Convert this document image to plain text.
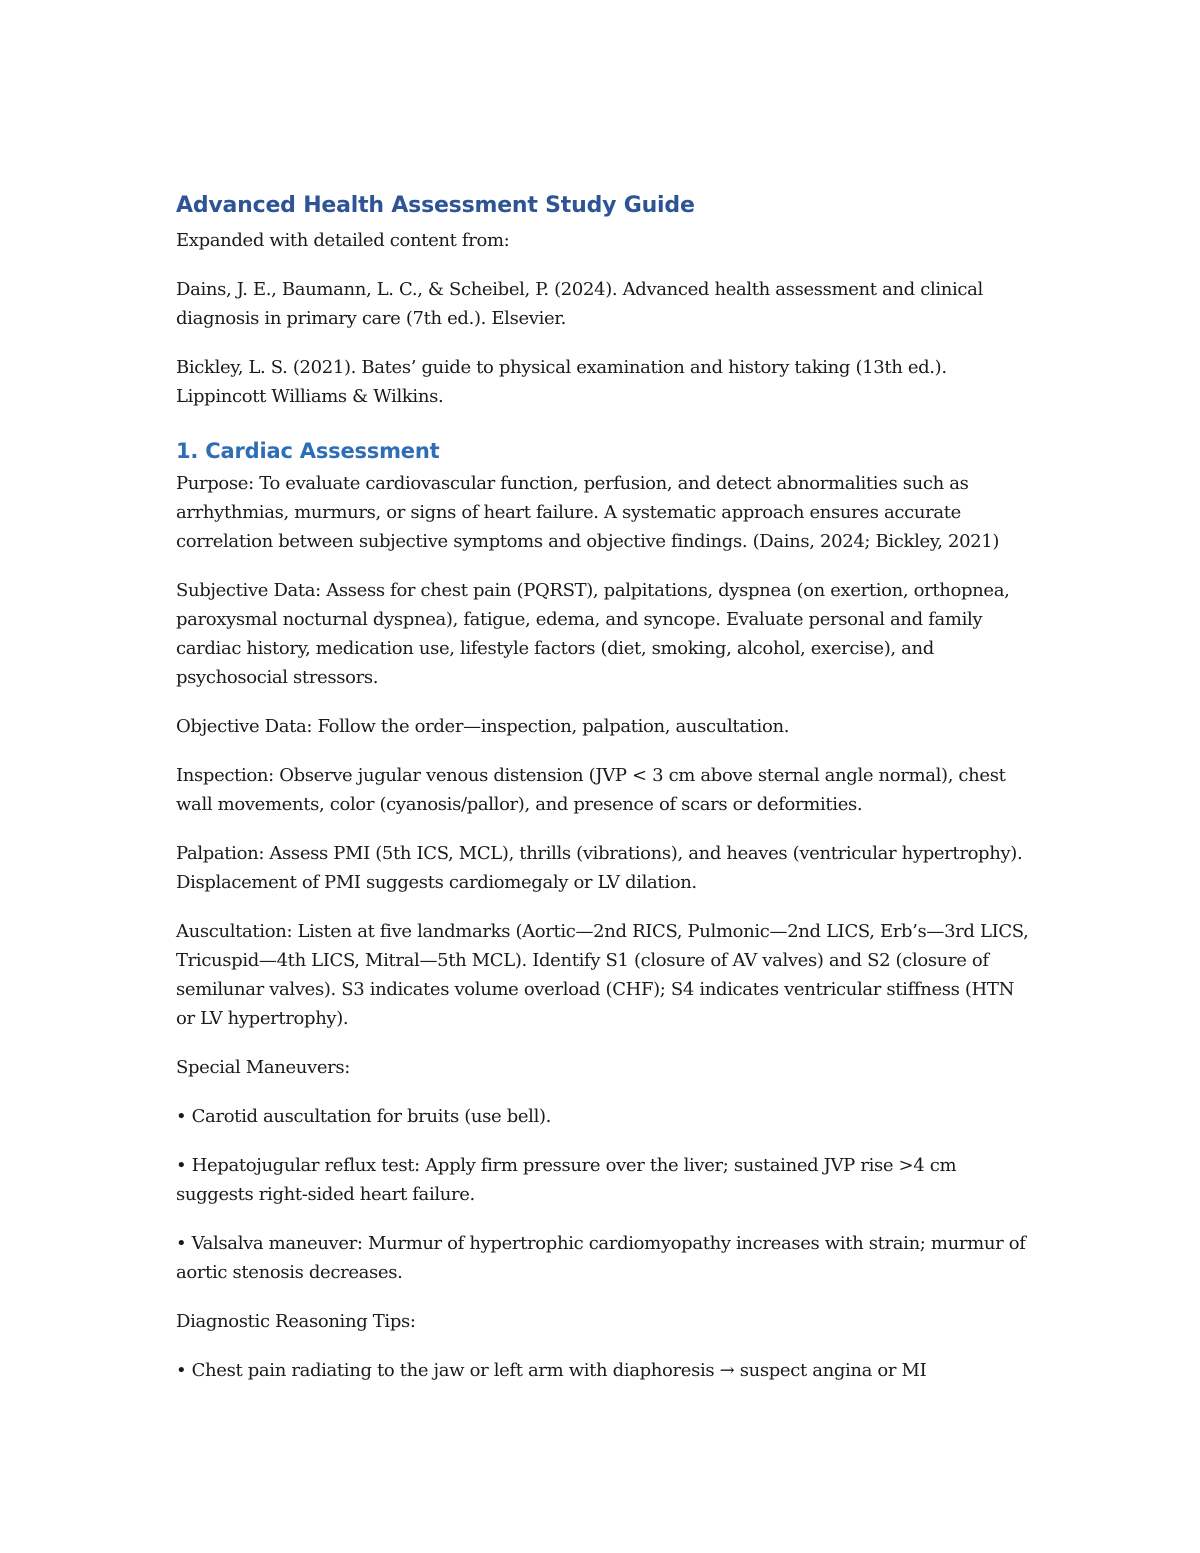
Advanced Health Assessment Study Guide

Expanded with detailed content from:

Dains, J. E., Baumann, L. C., & Scheibel, P. (2024). Advanced health assessment and clinical diagnosis in primary care (7th ed.). Elsevier.

Bickley, L. S. (2021). Bates’ guide to physical examination and history taking (13th ed.). Lippincott Williams & Wilkins.

1. Cardiac Assessment

Purpose: To evaluate cardiovascular function, perfusion, and detect abnormalities such as arrhythmias, murmurs, or signs of heart failure. A systematic approach ensures accurate correlation between subjective symptoms and objective findings. (Dains, 2024; Bickley, 2021)

Subjective Data: Assess for chest pain (PQRST), palpitations, dyspnea (on exertion, orthopnea, paroxysmal nocturnal dyspnea), fatigue, edema, and syncope. Evaluate personal and family cardiac history, medication use, lifestyle factors (diet, smoking, alcohol, exercise), and psychosocial stressors.

Objective Data: Follow the order—inspection, palpation, auscultation.

Inspection: Observe jugular venous distension (JVP < 3 cm above sternal angle normal), chest wall movements, color (cyanosis/pallor), and presence of scars or deformities.

Palpation: Assess PMI (5th ICS, MCL), thrills (vibrations), and heaves (ventricular hypertrophy). Displacement of PMI suggests cardiomegaly or LV dilation.

Auscultation: Listen at five landmarks (Aortic—2nd RICS, Pulmonic—2nd LICS, Erb’s—3rd LICS, Tricuspid—4th LICS, Mitral—5th MCL). Identify S1 (closure of AV valves) and S2 (closure of semilunar valves). S3 indicates volume overload (CHF); S4 indicates ventricular stiffness (HTN or LV hypertrophy).

Special Maneuvers:

• Carotid auscultation for bruits (use bell).

• Hepatojugular reflux test: Apply firm pressure over the liver; sustained JVP rise >4 cm suggests right-sided heart failure.

• Valsalva maneuver: Murmur of hypertrophic cardiomyopathy increases with strain; murmur of aortic stenosis decreases.

Diagnostic Reasoning Tips:

• Chest pain radiating to the jaw or left arm with diaphoresis → suspect angina or MI
